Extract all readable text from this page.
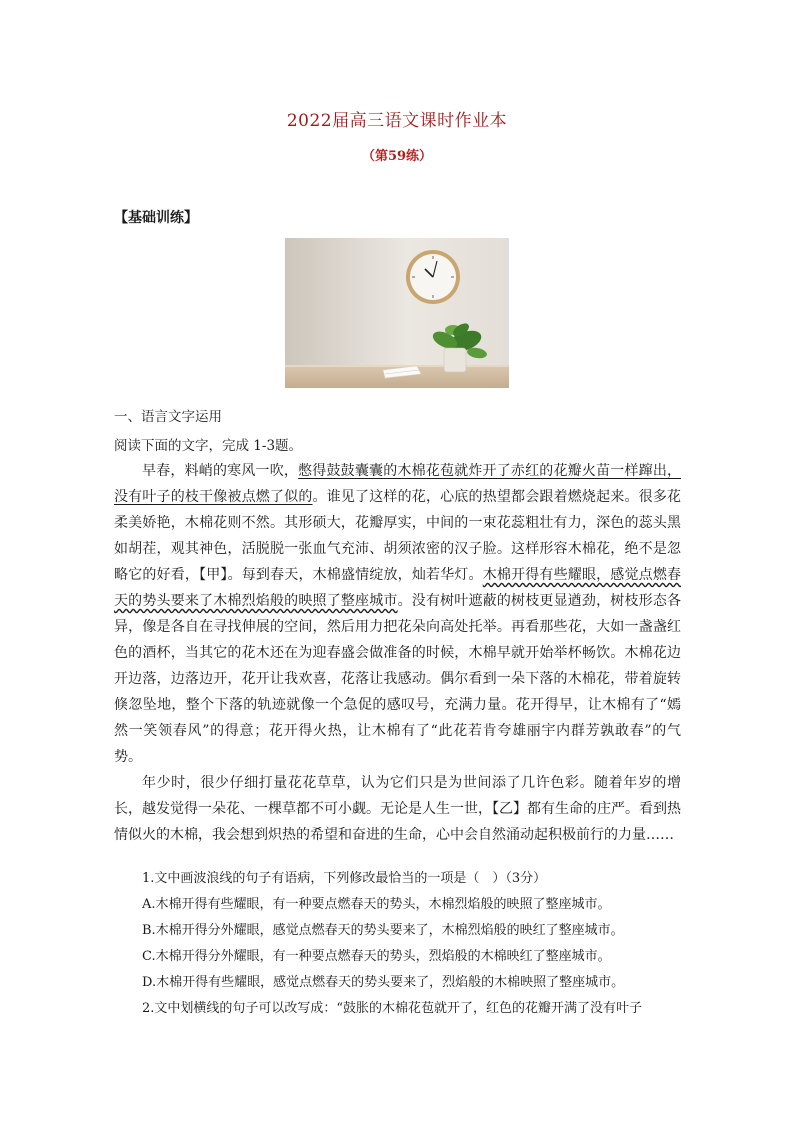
2022届高三语文课时作业本
（第59练）
【基础训练】
一、语言文字运用
阅读下面的文字，完成 1-3题。

早春，料峭的寒风一吹，憋得鼓鼓囊囊的木棉花苞就炸开了赤红的花瓣火苗一样蹿出，没有叶子的枝干像被点燃了似的。谁见了这样的花，心底的热望都会跟着燃烧起来。很多花柔美娇艳，木棉花则不然。其形硕大，花瓣厚实，中间的一束花蕊粗壮有力，深色的蕊头黑如胡茬，观其神色，活脱脱一张血气充沛、胡须浓密的汉子脸。这样形容木棉花，绝不是忽略它的好看，【甲】。每到春天，木棉盛情绽放，灿若华灯。木棉开得有些耀眼，感觉点燃春天的势头要来了木棉烈焰般的映照了整座城市。没有树叶遮蔽的树枝更显遒劲，树枝形态各异，像是各自在寻找伸展的空间，然后用力把花朵向高处托举。再看那些花，大如一盏盏红色的酒杯，当其它的花木还在为迎春盛会做准备的时候，木棉早就开始举杯畅饮。木棉花边开边落，边落边开，花开让我欢喜，花落让我感动。偶尔看到一朵下落的木棉花，带着旋转倏忽坠地，整个下落的轨迹就像一个急促的感叹号，充满力量。花开得早，让木棉有了“嫣然一笑领春风”的得意；花开得火热，让木棉有了“此花若肯夸雄丽宇内群芳孰敢春”的气势。

年少时，很少仔细打量花花草草，认为它们只是为世间添了几许色彩。随着年岁的增长，越发觉得一朵花、一棵草都不可小觑。无论是人生一世，【乙】都有生命的庄严。看到热情似火的木棉，我会想到炽热的希望和奋进的生命，心中会自然涌动起积极前行的力量……

1.文中画波浪线的句子有语病，下列修改最恰当的一项是（　）（3分）
A.木棉开得有些耀眼，有一种要点燃春天的势头，木棉烈焰般的映照了整座城市。
B.木棉开得分外耀眼，感觉点燃春天的势头要来了，木棉烈焰般的映红了整座城市。
C.木棉开得分外耀眼，有一种要点燃春天的势头，烈焰般的木棉映红了整座城市。
D.木棉开得有些耀眼，感觉点燃春天的势头要来了，烈焰般的木棉映照了整座城市。
2.文中划横线的句子可以改写成：“鼓胀的木棉花苞就开了，红色的花瓣开满了没有叶子
